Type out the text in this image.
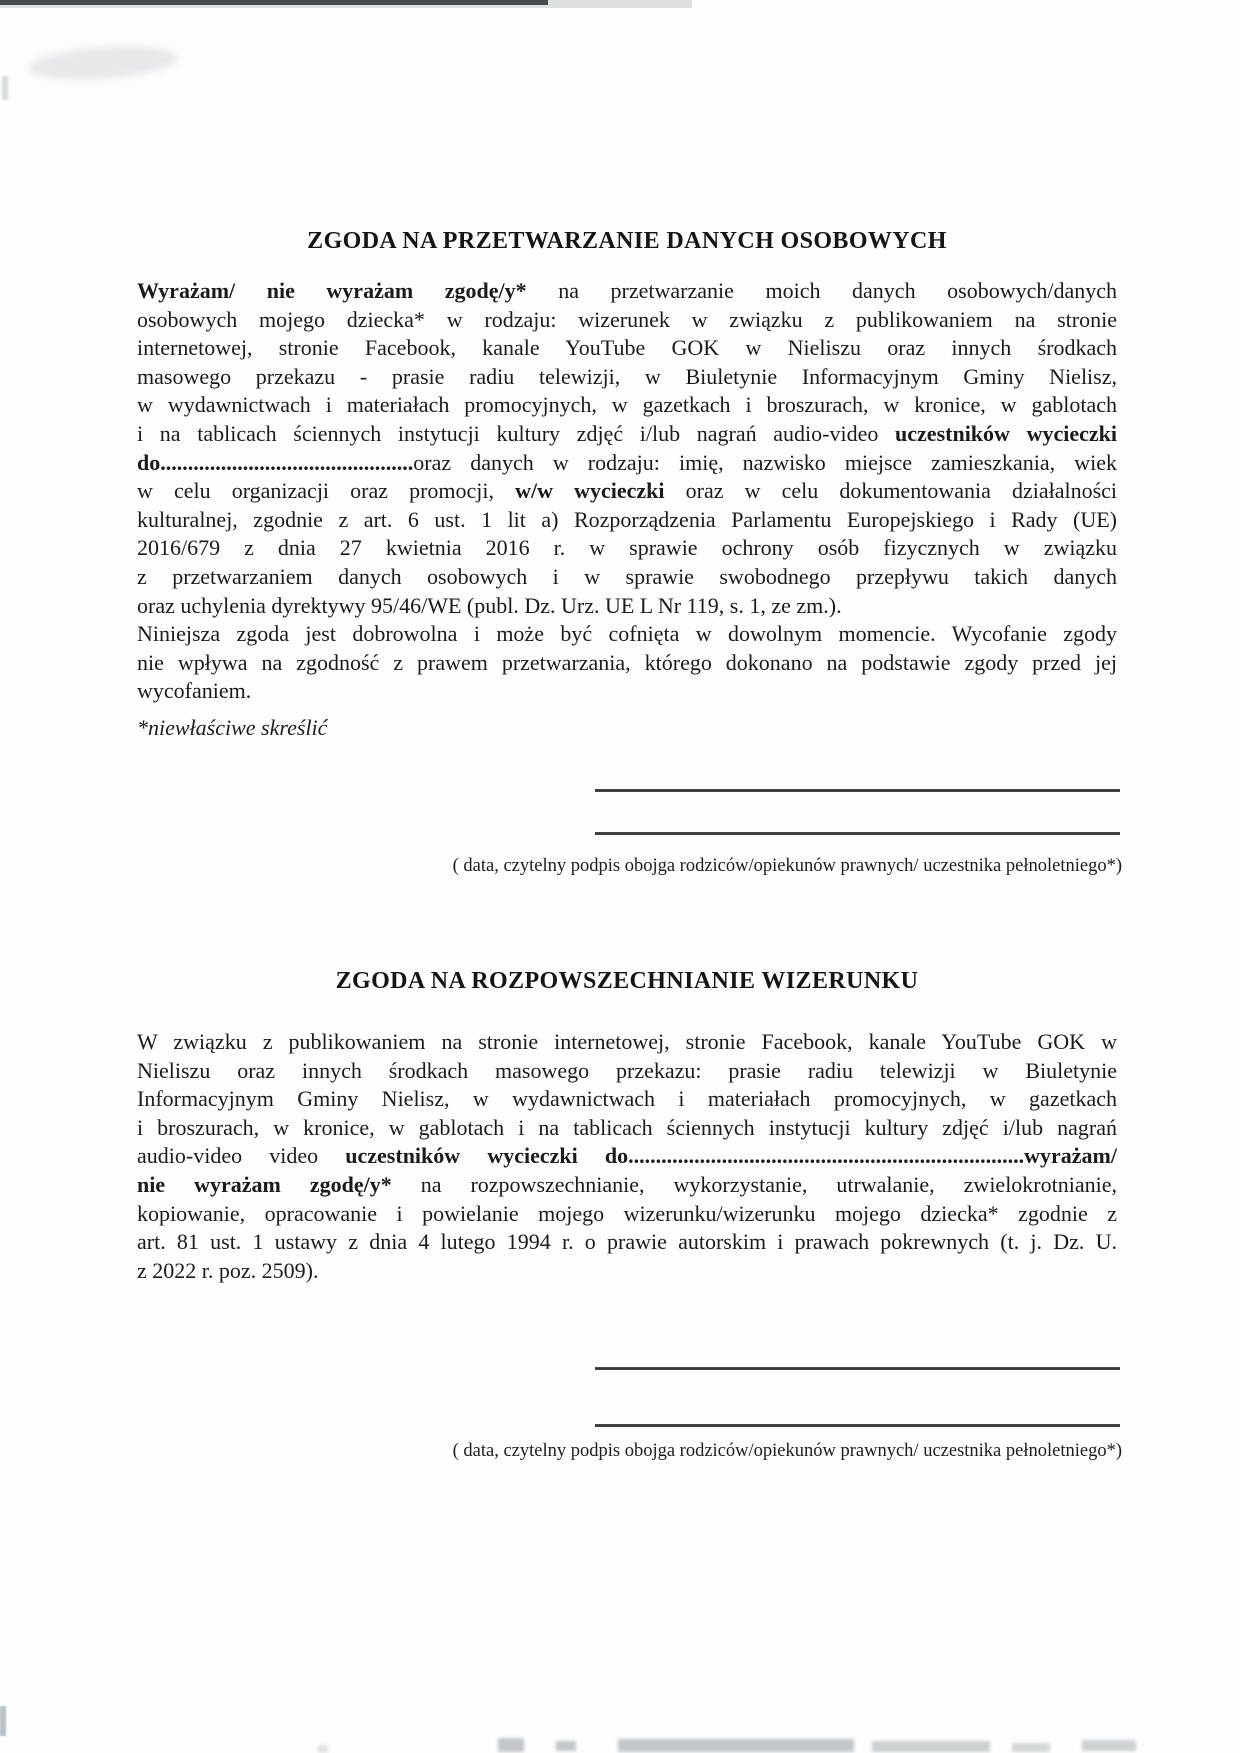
ZGODA NA PRZETWARZANIE DANYCH OSOBOWYCH
Wyrażam/ nie wyrażam zgodę/y* na przetwarzanie moich danych osobowych/danych
osobowych mojego dziecka* w rodzaju: wizerunek w związku z publikowaniem na stronie
internetowej, stronie Facebook, kanale YouTube GOK w Nieliszu oraz innych środkach
masowego przekazu - prasie radiu telewizji, w Biuletynie Informacyjnym Gminy Nielisz,
w wydawnictwach i materiałach promocyjnych, w gazetkach i broszurach, w kronice, w gablotach
i na tablicach ściennych instytucji kultury zdjęć i/lub nagrań audio-video uczestników wycieczki
do..............................................oraz danych w rodzaju: imię, nazwisko miejsce zamieszkania, wiek
w celu organizacji oraz promocji, w/w wycieczki oraz w celu dokumentowania działalności
kulturalnej, zgodnie z art. 6 ust. 1 lit a) Rozporządzenia Parlamentu Europejskiego i Rady (UE)
2016/679 z dnia 27 kwietnia 2016 r. w sprawie ochrony osób fizycznych w związku
z przetwarzaniem danych osobowych i w sprawie swobodnego przepływu takich danych
oraz uchylenia dyrektywy 95/46/WE (publ. Dz. Urz. UE L Nr 119, s. 1, ze zm.).
Niniejsza zgoda jest dobrowolna i może być cofnięta w dowolnym momencie. Wycofanie zgody
nie wpływa na zgodność z prawem przetwarzania, którego dokonano na podstawie zgody przed jej
wycofaniem.
*niewłaściwe skreślić
( data, czytelny podpis obojga rodziców/opiekunów prawnych/ uczestnika pełnoletniego*)
ZGODA NA ROZPOWSZECHNIANIE WIZERUNKU
W związku z publikowaniem na stronie internetowej, stronie Facebook, kanale YouTube GOK w
Nieliszu oraz innych środkach masowego przekazu: prasie radiu telewizji w Biuletynie
Informacyjnym Gminy Nielisz, w wydawnictwach i materiałach promocyjnych, w gazetkach
i broszurach, w kronice, w gablotach i na tablicach ściennych instytucji kultury zdjęć i/lub nagrań
audio-video video uczestników wycieczki do........................................................................wyrażam/
nie wyrażam zgodę/y* na rozpowszechnianie, wykorzystanie, utrwalanie, zwielokrotnianie,
kopiowanie, opracowanie i powielanie mojego wizerunku/wizerunku mojego dziecka* zgodnie z
art. 81 ust. 1 ustawy z dnia 4 lutego 1994 r. o prawie autorskim i prawach pokrewnych (t. j. Dz. U.
z 2022 r. poz. 2509).
( data, czytelny podpis obojga rodziców/opiekunów prawnych/ uczestnika pełnoletniego*)
